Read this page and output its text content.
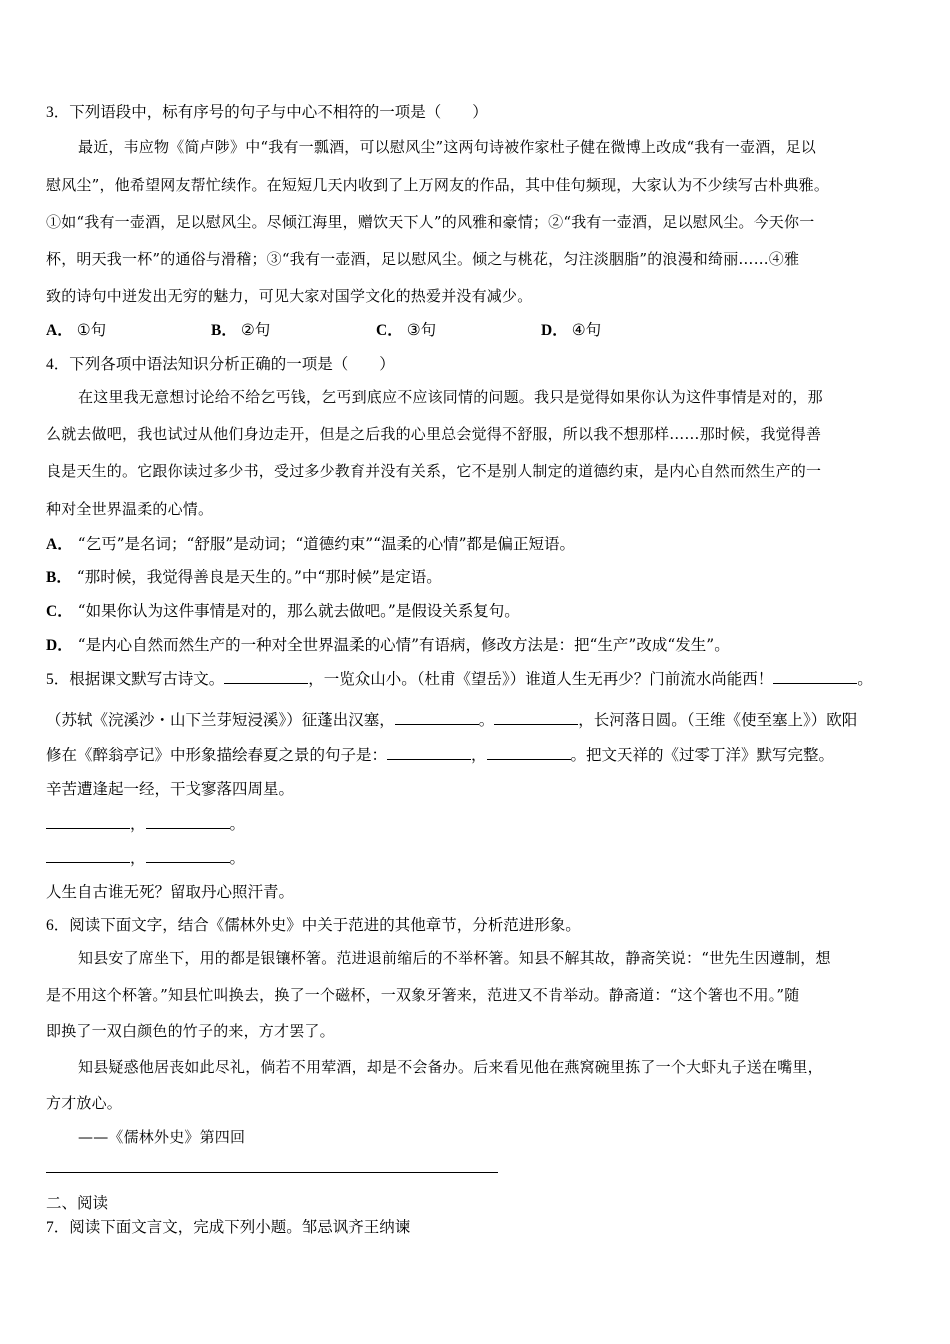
3．下列语段中，标有序号的句子与中心不相符的一项是（　　）
最近，韦应物《简卢陟》中“我有一瓢酒，可以慰风尘”这两句诗被作家杜子健在微博上改成“我有一壶酒，足以
慰风尘”，他希望网友帮忙续作。在短短几天内收到了上万网友的作品，其中佳句频现，大家认为不少续写古朴典雅。
①如“我有一壶酒，足以慰风尘。尽倾江海里，赠饮天下人”的风雅和豪情；②“我有一壶酒，足以慰风尘。今天你一
杯，明天我一杯”的通俗与滑稽；③“我有一壶酒，足以慰风尘。倾之与桃花，匀注淡胭脂”的浪漫和绮丽……④雅
致的诗句中迸发出无穷的魅力，可见大家对国学文化的热爱并没有减少。
A． ①句	B． ②句	C． ③句	D． ④句
4．下列各项中语法知识分析正确的一项是（　　）
在这里我无意想讨论给不给乞丐钱，乞丐到底应不应该同情的问题。我只是觉得如果你认为这件事情是对的，那
么就去做吧，我也试过从他们身边走开，但是之后我的心里总会觉得不舒服，所以我不想那样……那时候，我觉得善
良是天生的。它跟你读过多少书，受过多少教育并没有关系，它不是别人制定的道德约束，是内心自然而然生产的一
种对全世界温柔的心情。
A． “乞丐”是名词；“舒服”是动词；“道德约束”“温柔的心情”都是偏正短语。
B． “那时候，我觉得善良是天生的。”中“那时候”是定语。
C． “如果你认为这件事情是对的，那么就去做吧。”是假设关系复句。
D． “是内心自然而然生产的一种对全世界温柔的心情”有语病，修改方法是：把“生产”改成“发生”。
5．根据课文默写古诗文。	，一览众山小。（杜甫《望岳》）谁道人生无再少？门前流水尚能西！	。
（苏轼《浣溪沙・山下兰芽短浸溪》）征蓬出汉塞，	。	，长河落日圆。（王维《使至塞上》）欧阳
修在《醉翁亭记》中形象描绘春夏之景的句子是：	，	。把文天祥的《过零丁洋》默写完整。
辛苦遭逢起一经，干戈寥落四周星。
，	。
，	。
人生自古谁无死？留取丹心照汗青。
6．阅读下面文字，结合《儒林外史》中关于范进的其他章节，分析范进形象。
知县安了席坐下，用的都是银镶杯箸。范进退前缩后的不举杯箸。知县不解其故，静斋笑说：“世先生因遵制，想
是不用这个杯箸。”知县忙叫换去，换了一个磁杯，一双象牙箸来，范进又不肯举动。静斋道：“这个箸也不用。”随
即换了一双白颜色的竹子的来，方才罢了。
知县疑惑他居丧如此尽礼，倘若不用荤酒，却是不会备办。后来看见他在燕窝碗里拣了一个大虾丸子送在嘴里，
方才放心。
——《儒林外史》第四回
二、阅读
7．阅读下面文言文，完成下列小题。邹忌讽齐王纳谏
